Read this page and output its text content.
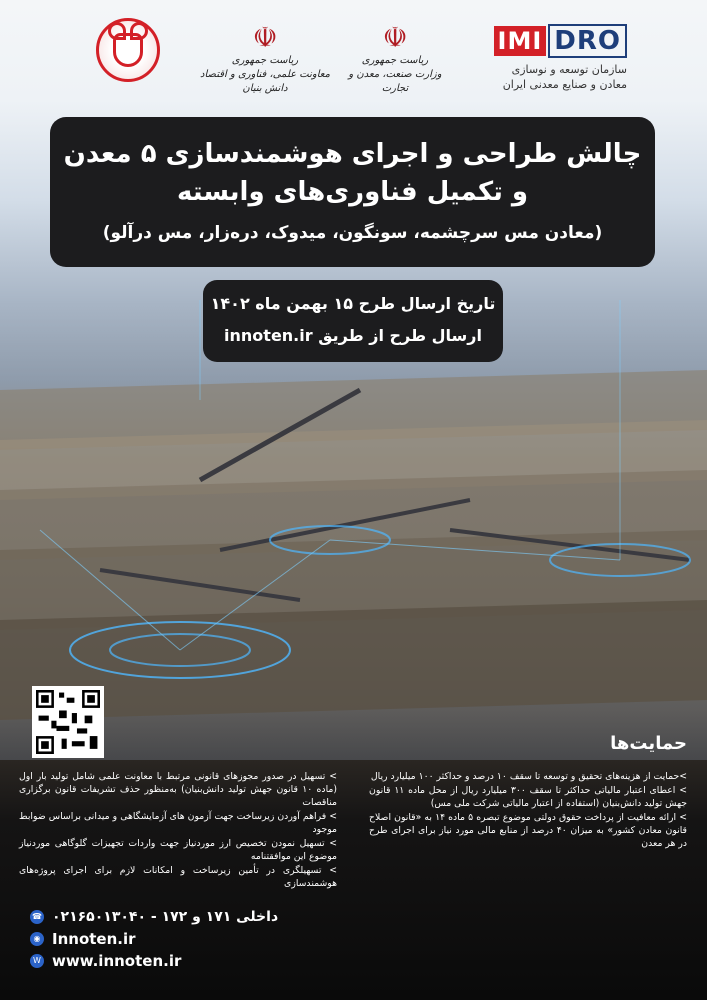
IMI DRO
سازمان توسعه و نوسازی
معادن و صنایع معدنی ایران
☫
ریاست جمهوری
وزارت صنعت، معدن و تجارت
☫
ریاست جمهوری
معاونت علمی، فناوری و اقتصاد دانش بنیان
چالش طراحی و اجرای هوشمندسازی ۵ معدن
و تکمیل فناوری‌های وابسته
(معادن مس سرچشمه، سونگون، میدوک، درەزار، مس درآلو)
تاریخ ارسال طرح ۱۵ بهمن ماه ۱۴۰۲
ارسال طرح از طریق innoten.ir
حمایت‌ها

>حمایت از هزینه‌های تحقیق و توسعه تا سقف ۱۰ درصد و حداکثر ۱۰۰ میلیارد ریال

> اعطای اعتبار مالیاتی حداکثر تا سقف ۳۰۰ میلیارد ریال از محل ماده ۱۱ قانون جهش تولید دانش‌بنیان (استفاده از اعتبار مالیاتی شرکت ملی مس)

> ارائه معافیت از پرداخت حقوق دولتی موضوع تبصره ۵ ماده ۱۴ به «قانون اصلاح قانون معادن کشور» به میزان ۴۰ درصد از منابع مالی مورد نیاز برای اجرای طرح در هر معدن

> تسهیل در صدور مجوزهای قانونی مرتبط با معاونت علمی شامل تولید بار اول (ماده ۱۰ قانون جهش تولید دانش‌بنیان) به‌منظور حذف تشریفات قانون برگزاری مناقصات

> فراهم آوردن زیرساخت جهت آزمون های آزمایشگاهی و میدانی براساس ضوابط موجود

> تسهیل نمودن تخصیص ارز موردنیاز جهت واردات تجهیزات گلوگاهی موردنیاز موضوع این موافقتنامه

> تسهیلگری در تأمین زیرساخت و امکانات لازم برای اجرای پروژه‌های هوشمندسازی

☎ داخلی ۱۷۱ و ۱۷۲ - ۰۲۱۶۵۰۱۳۰۴۰
◉ Innoten.ir
W www.innoten.ir
